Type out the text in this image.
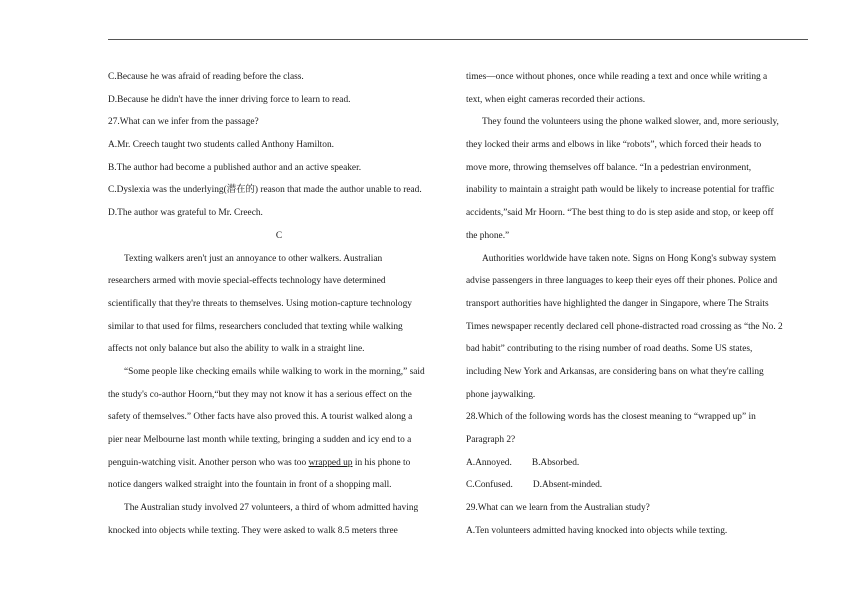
C.Because he was afraid of reading before the class.
D.Because he didn't have the inner driving force to learn to read.
27.What can we infer from the passage?
A.Mr. Creech taught two students called Anthony Hamilton.
B.The author had become a published author and an active speaker.
C.Dyslexia was the underlying(潜在的) reason that made the author unable to read.
D.The author was grateful to Mr. Creech.
C
Texting walkers aren't just an annoyance to other walkers. Australian
researchers armed with movie special-effects technology have determined
scientifically that they're threats to themselves. Using motion-capture technology
similar to that used for films, researchers concluded that texting while walking
affects not only balance but also the ability to walk in a straight line.
“Some people like checking emails while walking to work in the morning,” said
the study's co-author Hoorn,“but they may not know it has a serious effect on the
safety of themselves.” Other facts have also proved this. A tourist walked along a
pier near Melbourne last month while texting, bringing a sudden and icy end to a
penguin-watching visit. Another person who was too wrapped up in his phone to
notice dangers walked straight into the fountain in front of a shopping mall.
The Australian study involved 27 volunteers, a third of whom admitted having
knocked into objects while texting. They were asked to walk 8.5 meters three
times—once without phones, once while reading a text and once while writing a
text, when eight cameras recorded their actions.
They found the volunteers using the phone walked slower, and, more seriously,
they locked their arms and elbows in like “robots”, which forced their heads to
move more, throwing themselves off balance. “In a pedestrian environment,
inability to maintain a straight path would be likely to increase potential for traffic
accidents,”said Mr Hoorn. “The best thing to do is step aside and stop, or keep off
the phone.”
Authorities worldwide have taken note. Signs on Hong Kong's subway system
advise passengers in three languages to keep their eyes off their phones. Police and
transport authorities have highlighted the danger in Singapore, where The Straits
Times newspaper recently declared cell phone-distracted road crossing as “the No. 2
bad habit” contributing to the rising number of road deaths. Some US states,
including New York and Arkansas, are considering bans on what they're calling
phone jaywalking.
28.Which of the following words has the closest meaning to “wrapped up” in
Paragraph 2?
A.Annoyed. B.Absorbed.
C.Confused. D.Absent-minded.
29.What can we learn from the Australian study?
A.Ten volunteers admitted having knocked into objects while texting.
